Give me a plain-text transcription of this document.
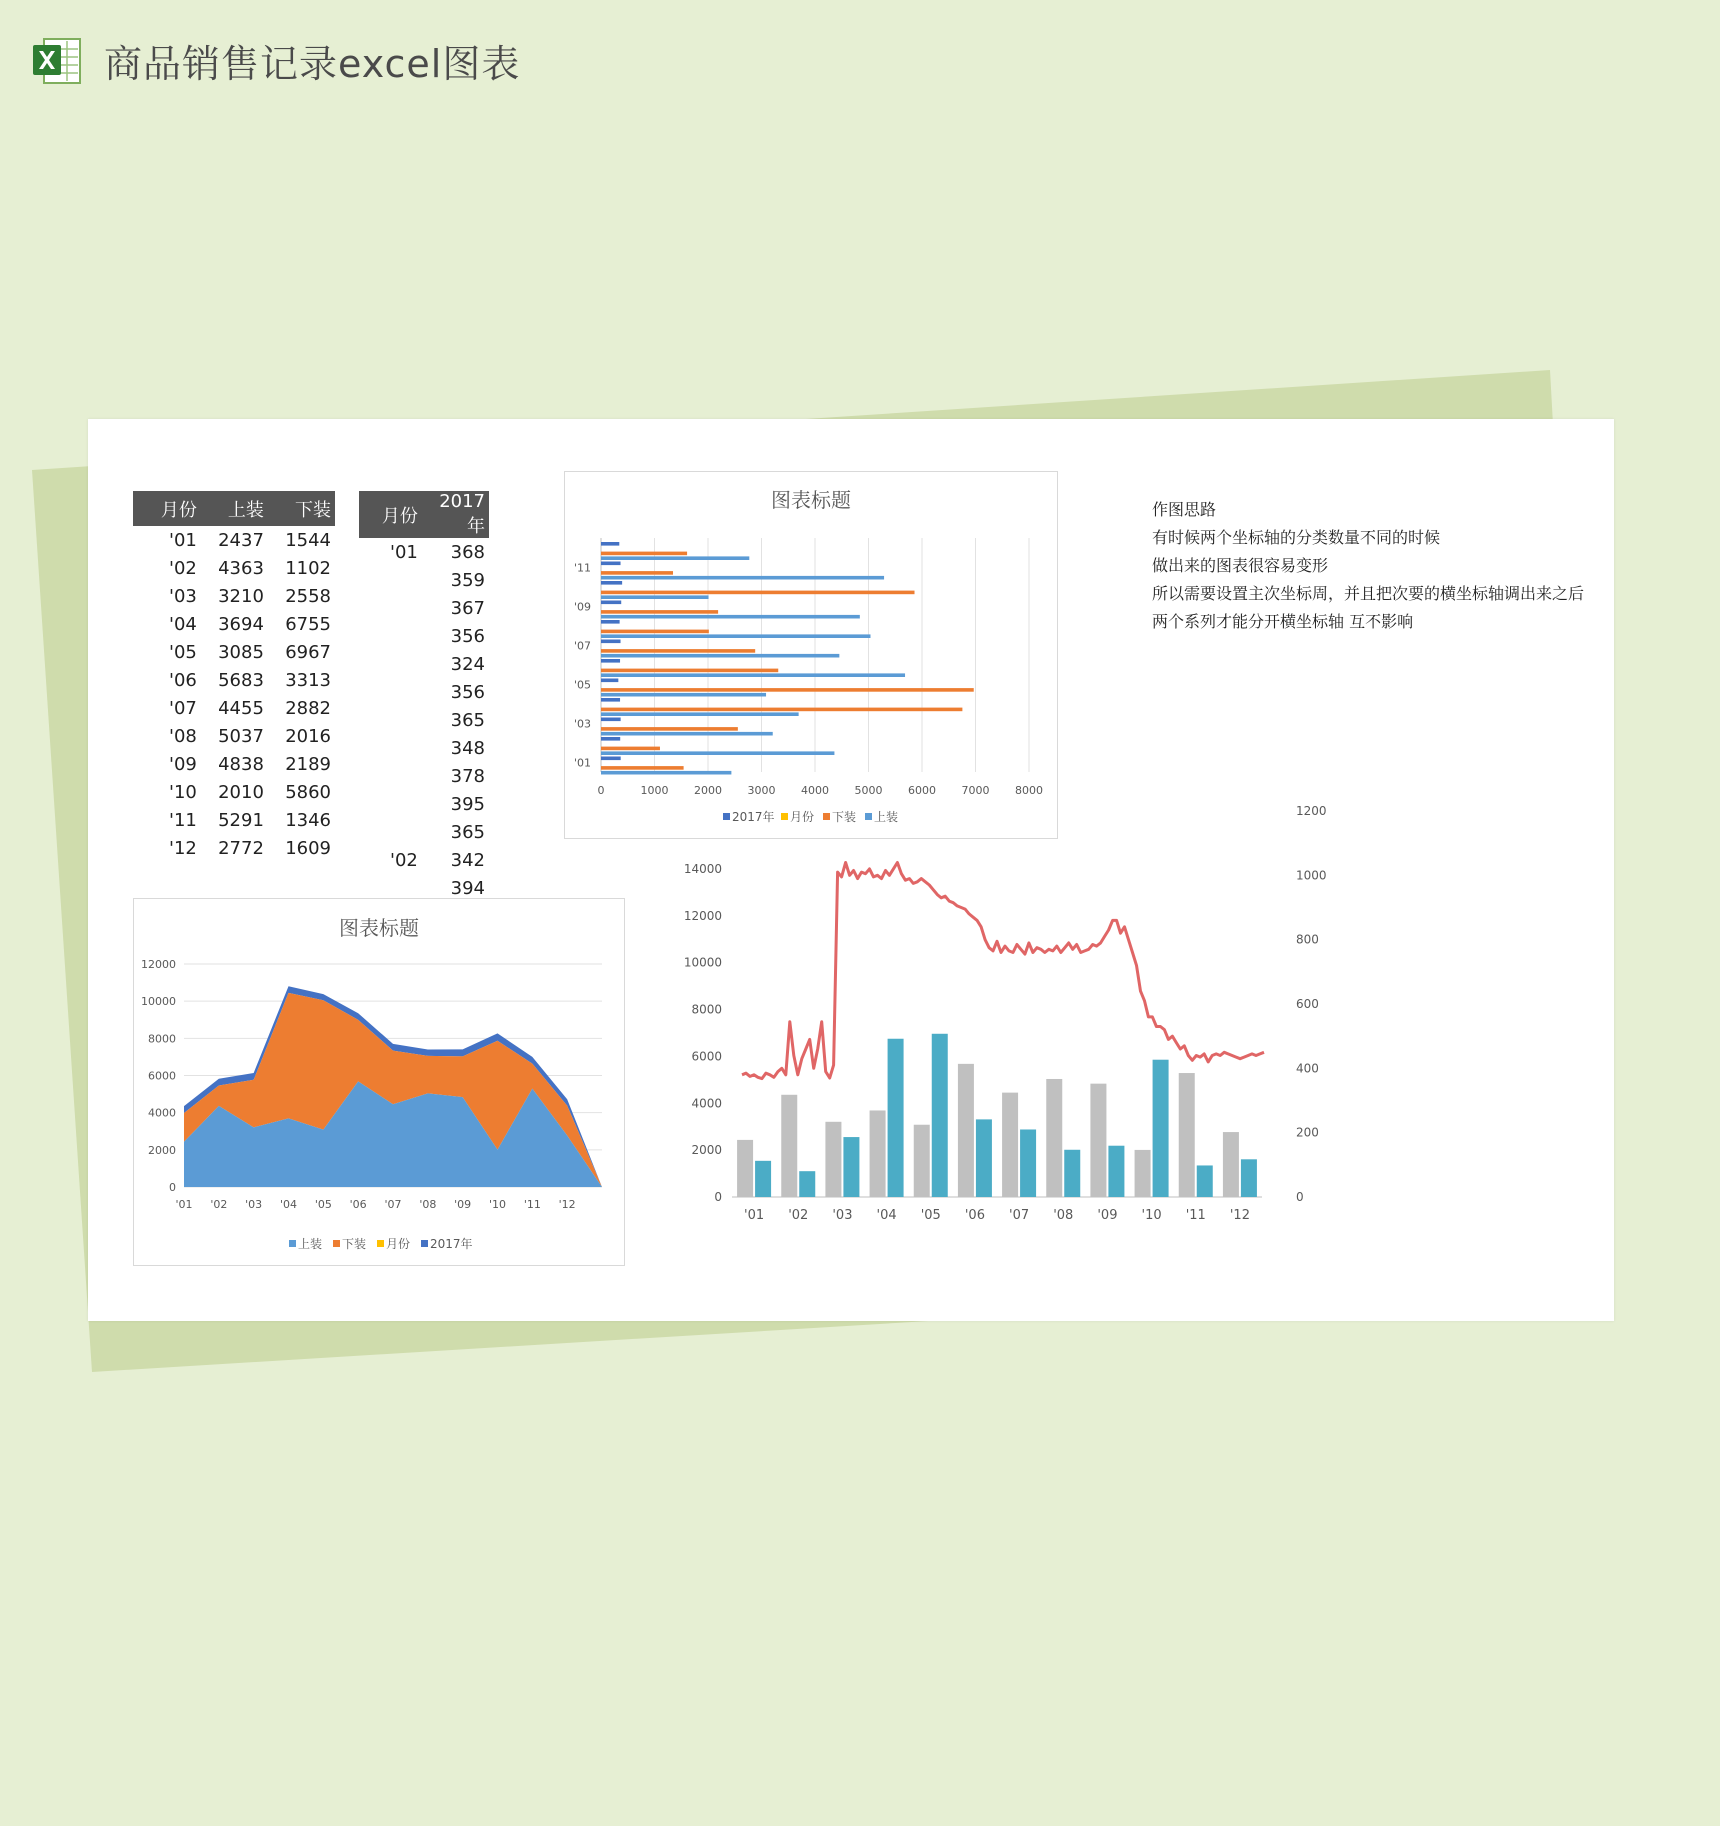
商品销售记录excel图表
月份	上装	下装
'01	2437	1544
'02	4363	1102
'03	3210	2558
'04	3694	6755
'05	3085	6967
'06	5683	3313
'07	4455	2882
'08	5037	2016
'09	4838	2189
'10	2010	5860
'11	5291	1346
'12	2772	1609
月份	2017年
'01	368
	359
	367
	356
	324
	356
	365
	348
	378
	395
	365
'02	342
	394
图表标题
0	1000 2000 3000 4000 5000 6000 7000 8000
'11
'09
'07
'05
'03
'01
2017年 月份 下装 上装
图表标题
0
2000
4000
6000
8000
10000
12000
'01 '02 '03 '04 '05 '06 '07 '08 '09 '10 '11 '12
上装 下装 月份 2017年
0
2000
4000
6000
8000
10000
12000
14000
0
200
400
600
800
1000
1200
'01 '02 '03 '04 '05 '06 '07 '08 '09 '10 '11 '12
作图思路
有时候两个坐标轴的分类数量不同的时候
做出来的图表很容易变形
所以需要设置主次坐标周，并且把次要的横坐标轴调出来之后
两个系列才能分开横坐标轴 互不影响
